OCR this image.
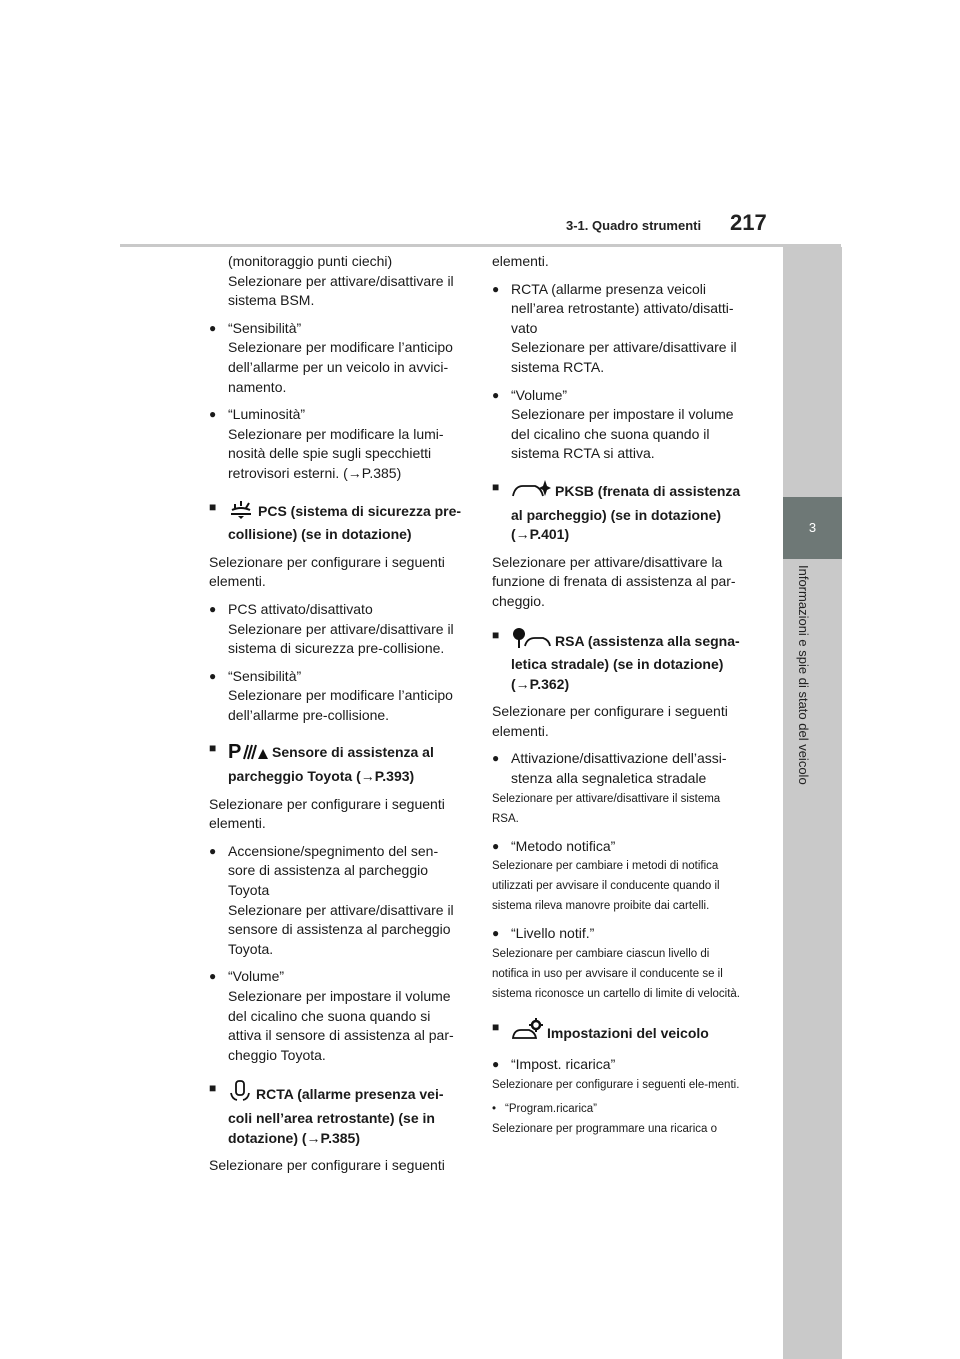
3-1. Quadro strumenti 217
3
Informazioni e spie di stato del veicolo

(monitoraggio punti ciechi)

Selezionare per attivare/disattivare il sistema BSM.

● “Sensibilità”

Selezionare per modificare l’anticipo dell’allarme per un veicolo in avvici-namento.

● “Luminosità”

Selezionare per modificare la lumi-nosità delle spie sugli specchietti retrovisori esterni. (→P.385)

■ PCS (sistema di sicurezza pre-collisione) (se in dotazione)

Selezionare per configurare i seguenti elementi.

● PCS attivato/disattivato

Selezionare per attivare/disattivare il sistema di sicurezza pre-collisione.

● “Sensibilità”

Selezionare per modificare l’anticipo dell’allarme pre-collisione.

■ P Sensore di assistenza al parcheggio Toyota (→P.393)

Selezionare per configurare i seguenti elementi.

● Accensione/spegnimento del sen-sore di assistenza al parcheggio Toyota

Selezionare per attivare/disattivare il sensore di assistenza al parcheggio Toyota.

● “Volume”

Selezionare per impostare il volume del cicalino che suona quando si attiva il sensore di assistenza al par-cheggio Toyota.

■ RCTA (allarme presenza vei-coli nell’area retrostante) (se in dotazione) (→P.385)

Selezionare per configurare i seguenti

elementi.

● RCTA (allarme presenza veicoli nell’area retrostante) attivato/disatti-vato

Selezionare per attivare/disattivare il sistema RCTA.

● “Volume”

Selezionare per impostare il volume del cicalino che suona quando il sistema RCTA si attiva.

■ PKSB (frenata di assistenza al parcheggio) (se in dotazione) (→P.401)

Selezionare per attivare/disattivare la funzione di frenata di assistenza al par-cheggio.

■ RSA (assistenza alla segna-letica stradale) (se in dotazione) (→P.362)

Selezionare per configurare i seguenti elementi.

● Attivazione/disattivazione dell’assi-stenza alla segnaletica stradale

Selezionare per attivare/disattivare il sistema RSA.

● “Metodo notifica”

Selezionare per cambiare i metodi di notifica utilizzati per avvisare il conducente quando il sistema rileva manovre proibite dai cartelli.

● “Livello notif.”

Selezionare per cambiare ciascun livello di notifica in uso per avvisare il conducente se il sistema riconosce un cartello di limite di velocità.

■ Impostazioni del veicolo

● “Impost. ricarica”

Selezionare per configurare i seguenti ele-menti.

• “Program.ricarica”

Selezionare per programmare una ricarica o
